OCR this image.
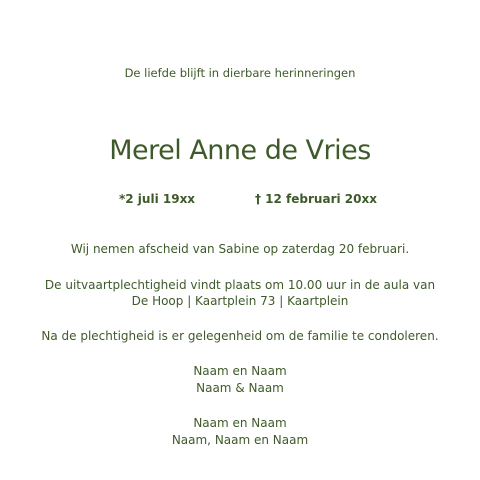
De liefde blijft in dierbare herinneringen
Merel Anne de Vries
*2 juli 19xx	† 12 februari 20xx
Wij nemen afscheid van Sabine op zaterdag 20 februari.
De uitvaartplechtigheid vindt plaats om 10.00 uur in de aula van
De Hoop | Kaartplein 73 | Kaartplein
Na de plechtigheid is er gelegenheid om de familie te condoleren.
Naam en Naam
Naam & Naam
Naam en Naam
Naam, Naam en Naam
